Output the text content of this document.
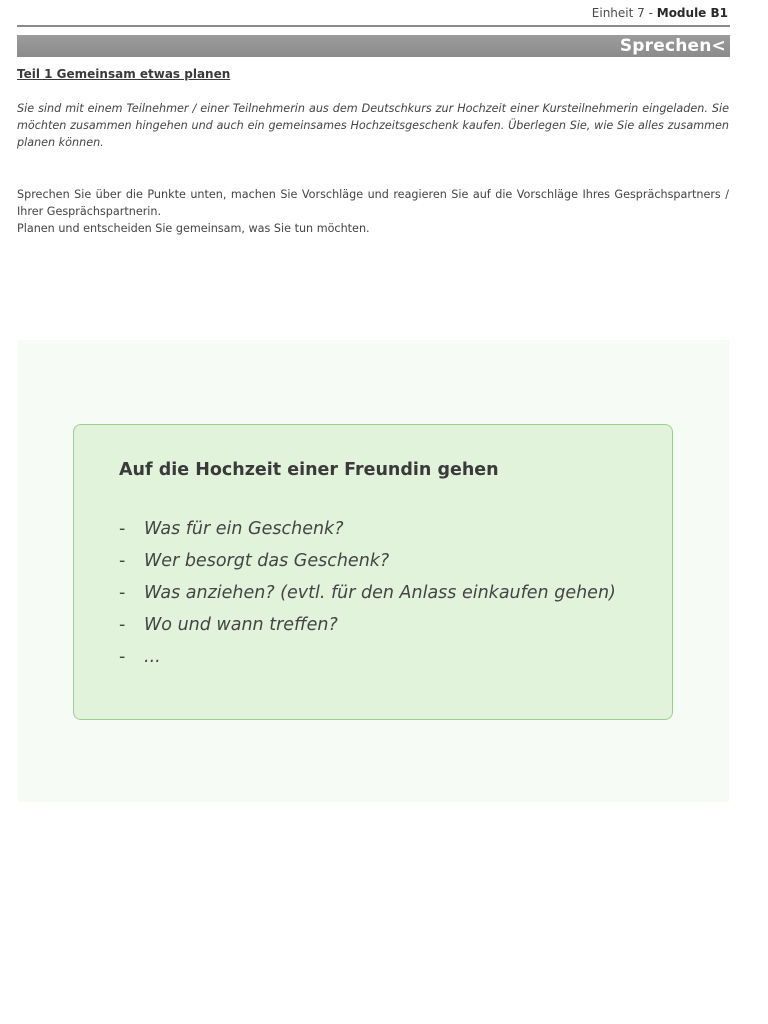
Einheit 7 - Module B1
Sprechen<
Teil 1 Gemeinsam etwas planen
Sie sind mit einem Teilnehmer / einer Teilnehmerin aus dem Deutschkurs zur Hochzeit einer Kursteilnehmerin eingeladen. Sie möchten zusammen hingehen und auch ein gemeinsames Hochzeitsgeschenk kaufen. Überlegen Sie, wie Sie alles zusammen planen können.

Sprechen Sie über die Punkte unten, machen Sie Vorschläge und reagieren Sie auf die Vorschläge Ihres Gesprächspartners / Ihrer Gesprächspartnerin.

Planen und entscheiden Sie gemeinsam, was Sie tun möchten.

Auf die Hochzeit einer Freundin gehen
-	Was für ein Geschenk?
-	Wer besorgt das Geschenk?
-	Was anziehen? (evtl. für den Anlass einkaufen gehen)
-	Wo und wann treffen?
-	...
